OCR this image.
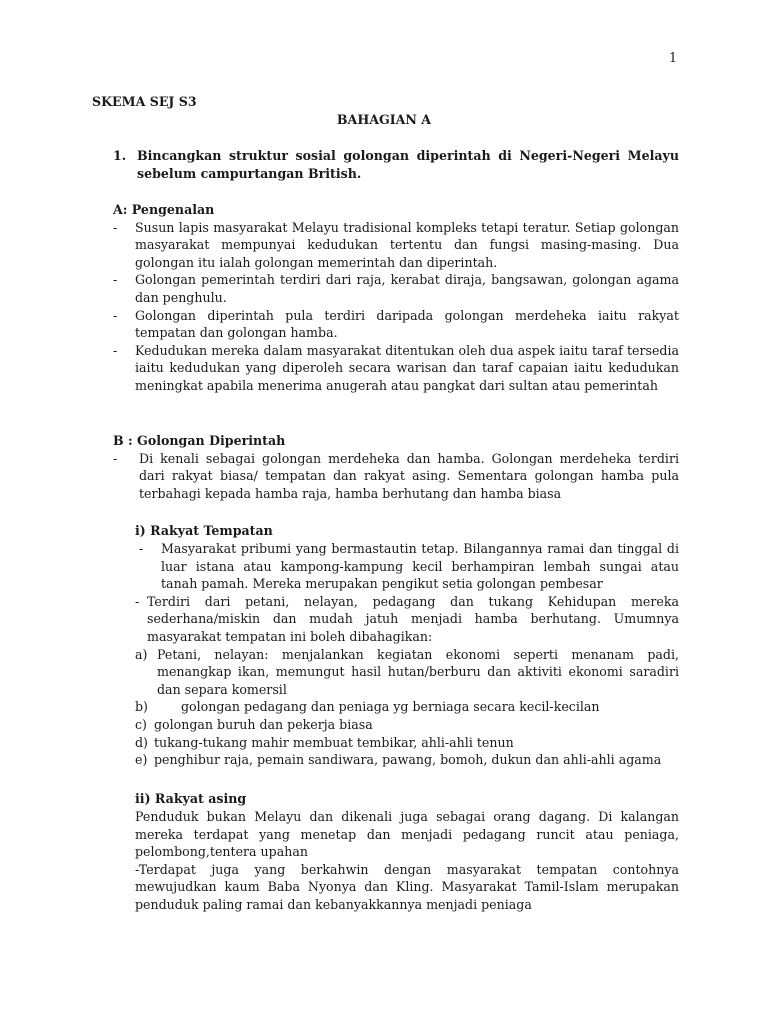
1
SKEMA SEJ S3
BAHAGIAN A
1. Bincangkan struktur sosial golongan diperintah di Negeri-Negeri Melayu sebelum campurtangan British.
A: Pengenalan
-	Susun lapis masyarakat Melayu tradisional kompleks tetapi teratur. Setiap golongan masyarakat mempunyai kedudukan tertentu dan fungsi masing-masing. Dua golongan itu ialah golongan memerintah dan diperintah.
-	Golongan pemerintah terdiri dari raja, kerabat diraja, bangsawan, golongan agama dan penghulu.
-	Golongan diperintah pula terdiri daripada golongan merdeheka iaitu rakyat tempatan dan golongan hamba.
-	Kedudukan mereka dalam masyarakat ditentukan oleh dua aspek iaitu taraf tersedia iaitu kedudukan yang diperoleh secara warisan dan taraf capaian iaitu kedudukan meningkat apabila menerima anugerah atau pangkat dari sultan atau pemerintah
B : Golongan Diperintah
-	Di kenali sebagai golongan merdeheka dan hamba. Golongan merdeheka terdiri dari rakyat biasa/ tempatan dan rakyat asing. Sementara golongan hamba pula terbahagi kepada hamba raja, hamba berhutang dan hamba biasa
i) Rakyat Tempatan
-	Masyarakat pribumi yang bermastautin tetap. Bilangannya ramai dan tinggal di luar istana atau kampong-kampung kecil berhampiran lembah sungai atau tanah pamah. Mereka merupakan pengikut setia golongan pembesar
- Terdiri dari petani, nelayan, pedagang dan tukang Kehidupan mereka sederhana/miskin dan mudah jatuh menjadi hamba berhutang. Umumnya masyarakat tempatan ini boleh dibahagikan:
a) Petani, nelayan: menjalankan kegiatan ekonomi seperti menanam padi, menangkap ikan, memungut hasil hutan/berburu dan aktiviti ekonomi saradiri dan separa komersil
b)	golongan pedagang dan peniaga yg berniaga secara kecil-kecilan
c) golongan buruh dan pekerja biasa
d) tukang-tukang mahir membuat tembikar, ahli-ahli tenun
e) penghibur raja, pemain sandiwara, pawang, bomoh, dukun dan ahli-ahli agama
ii) Rakyat asing

Penduduk bukan Melayu dan dikenali juga sebagai orang dagang. Di kalangan mereka terdapat yang menetap dan menjadi pedagang runcit atau peniaga, pelombong,tentera upahan

-Terdapat juga yang berkahwin dengan masyarakat tempatan contohnya mewujudkan kaum Baba Nyonya dan Kling. Masyarakat Tamil-Islam merupakan penduduk paling ramai dan kebanyakkannya menjadi peniaga
